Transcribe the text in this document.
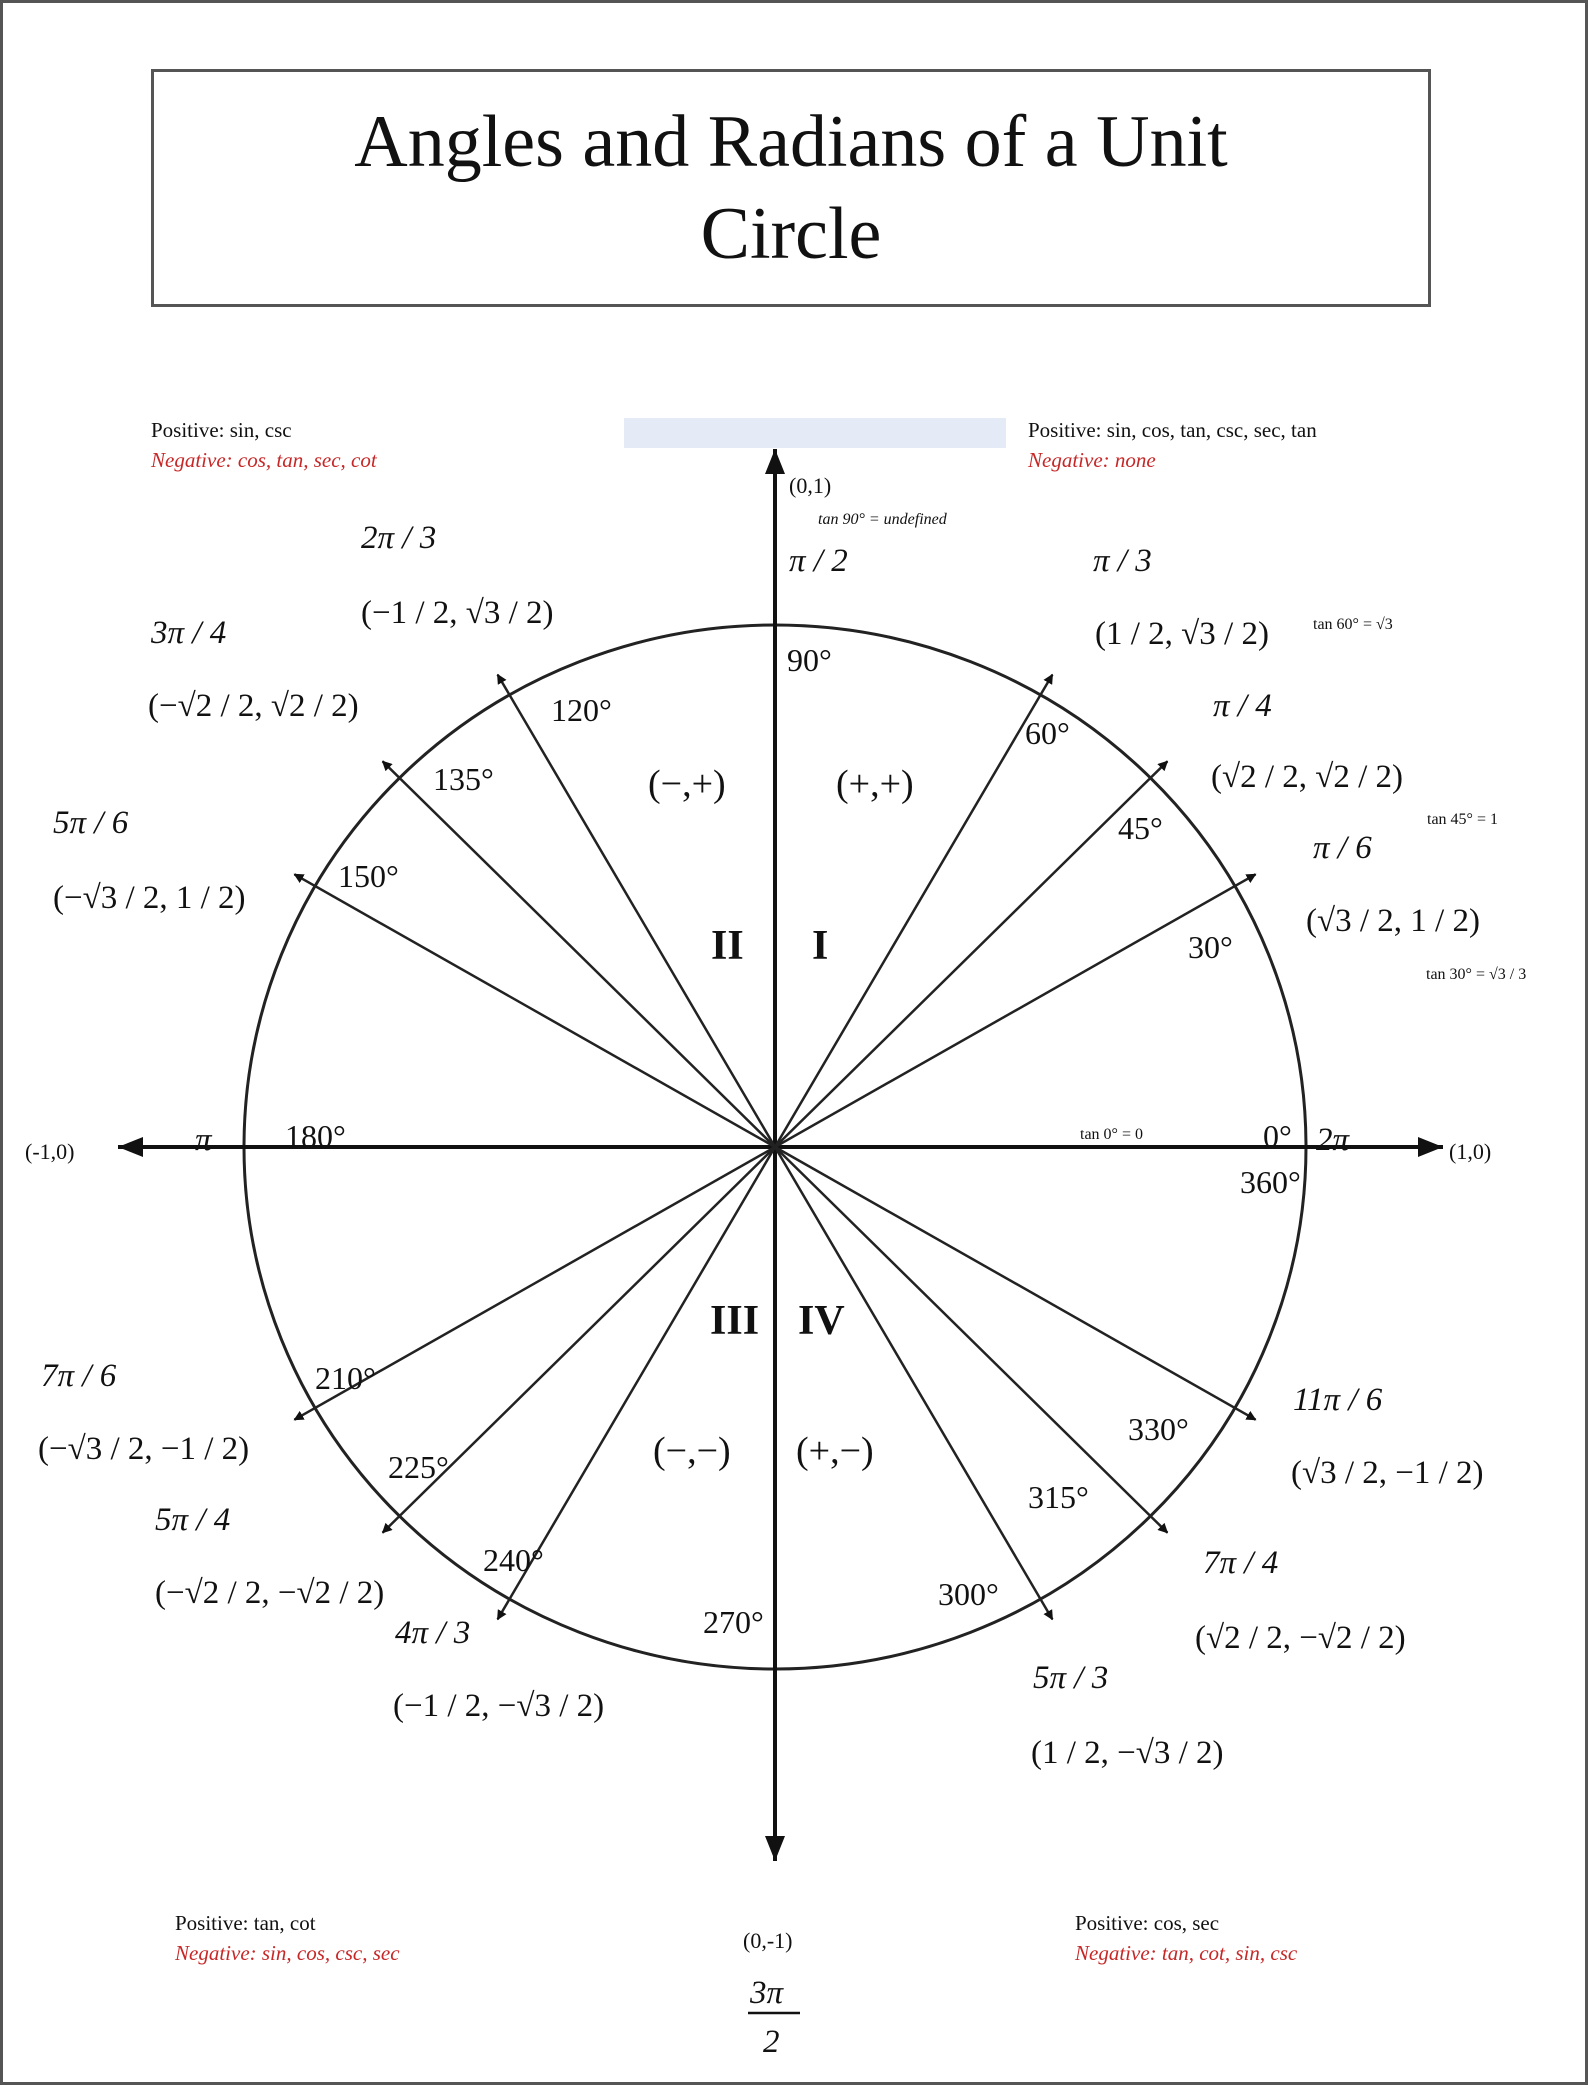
Angles and Radians of a Unit Circle
Positive: sin, csc
Negative: cos, tan, sec, cot
Positive: sin, cos, tan, csc, sec, tan
Negative: none
Positive: tan, cot
Negative: sin, cos, csc, sec
Positive: cos, sec
Negative: tan, cot, sin, csc
(0,1)
(-1,0)	(1,0)
(0,-1)
π / 2
π	2π
3π
2
tan 90° = undefined
tan 60° = √3
tan 45° = 1
tan 30° = √3 / 3
tan 0° = 0
(−,+)	(+,+)
(−,−) (+,−)
II I
III IV
0°
30°
45°
60°
90°
120°
135°
150°
180°
210°
225°
240°
270°
300°
315°
330°
360°
π / 6
π / 4
π / 3
2π / 3
3π / 4
5π / 6
7π / 6
5π / 4
4π / 3
5π / 3
7π / 4
11π / 6
(√3 / 2, 1 / 2)
(√2 / 2, √2 / 2)
(1 / 2, √3 / 2)
(−1 / 2, √3 / 2)
(−√2 / 2, √2 / 2)
(−√3 / 2, 1 / 2)
(−√3 / 2, −1 / 2)
(−√2 / 2, −√2 / 2)
(−1 / 2, −√3 / 2)
(1 / 2, −√3 / 2)
(√2 / 2, −√2 / 2)
(√3 / 2, −1 / 2)
